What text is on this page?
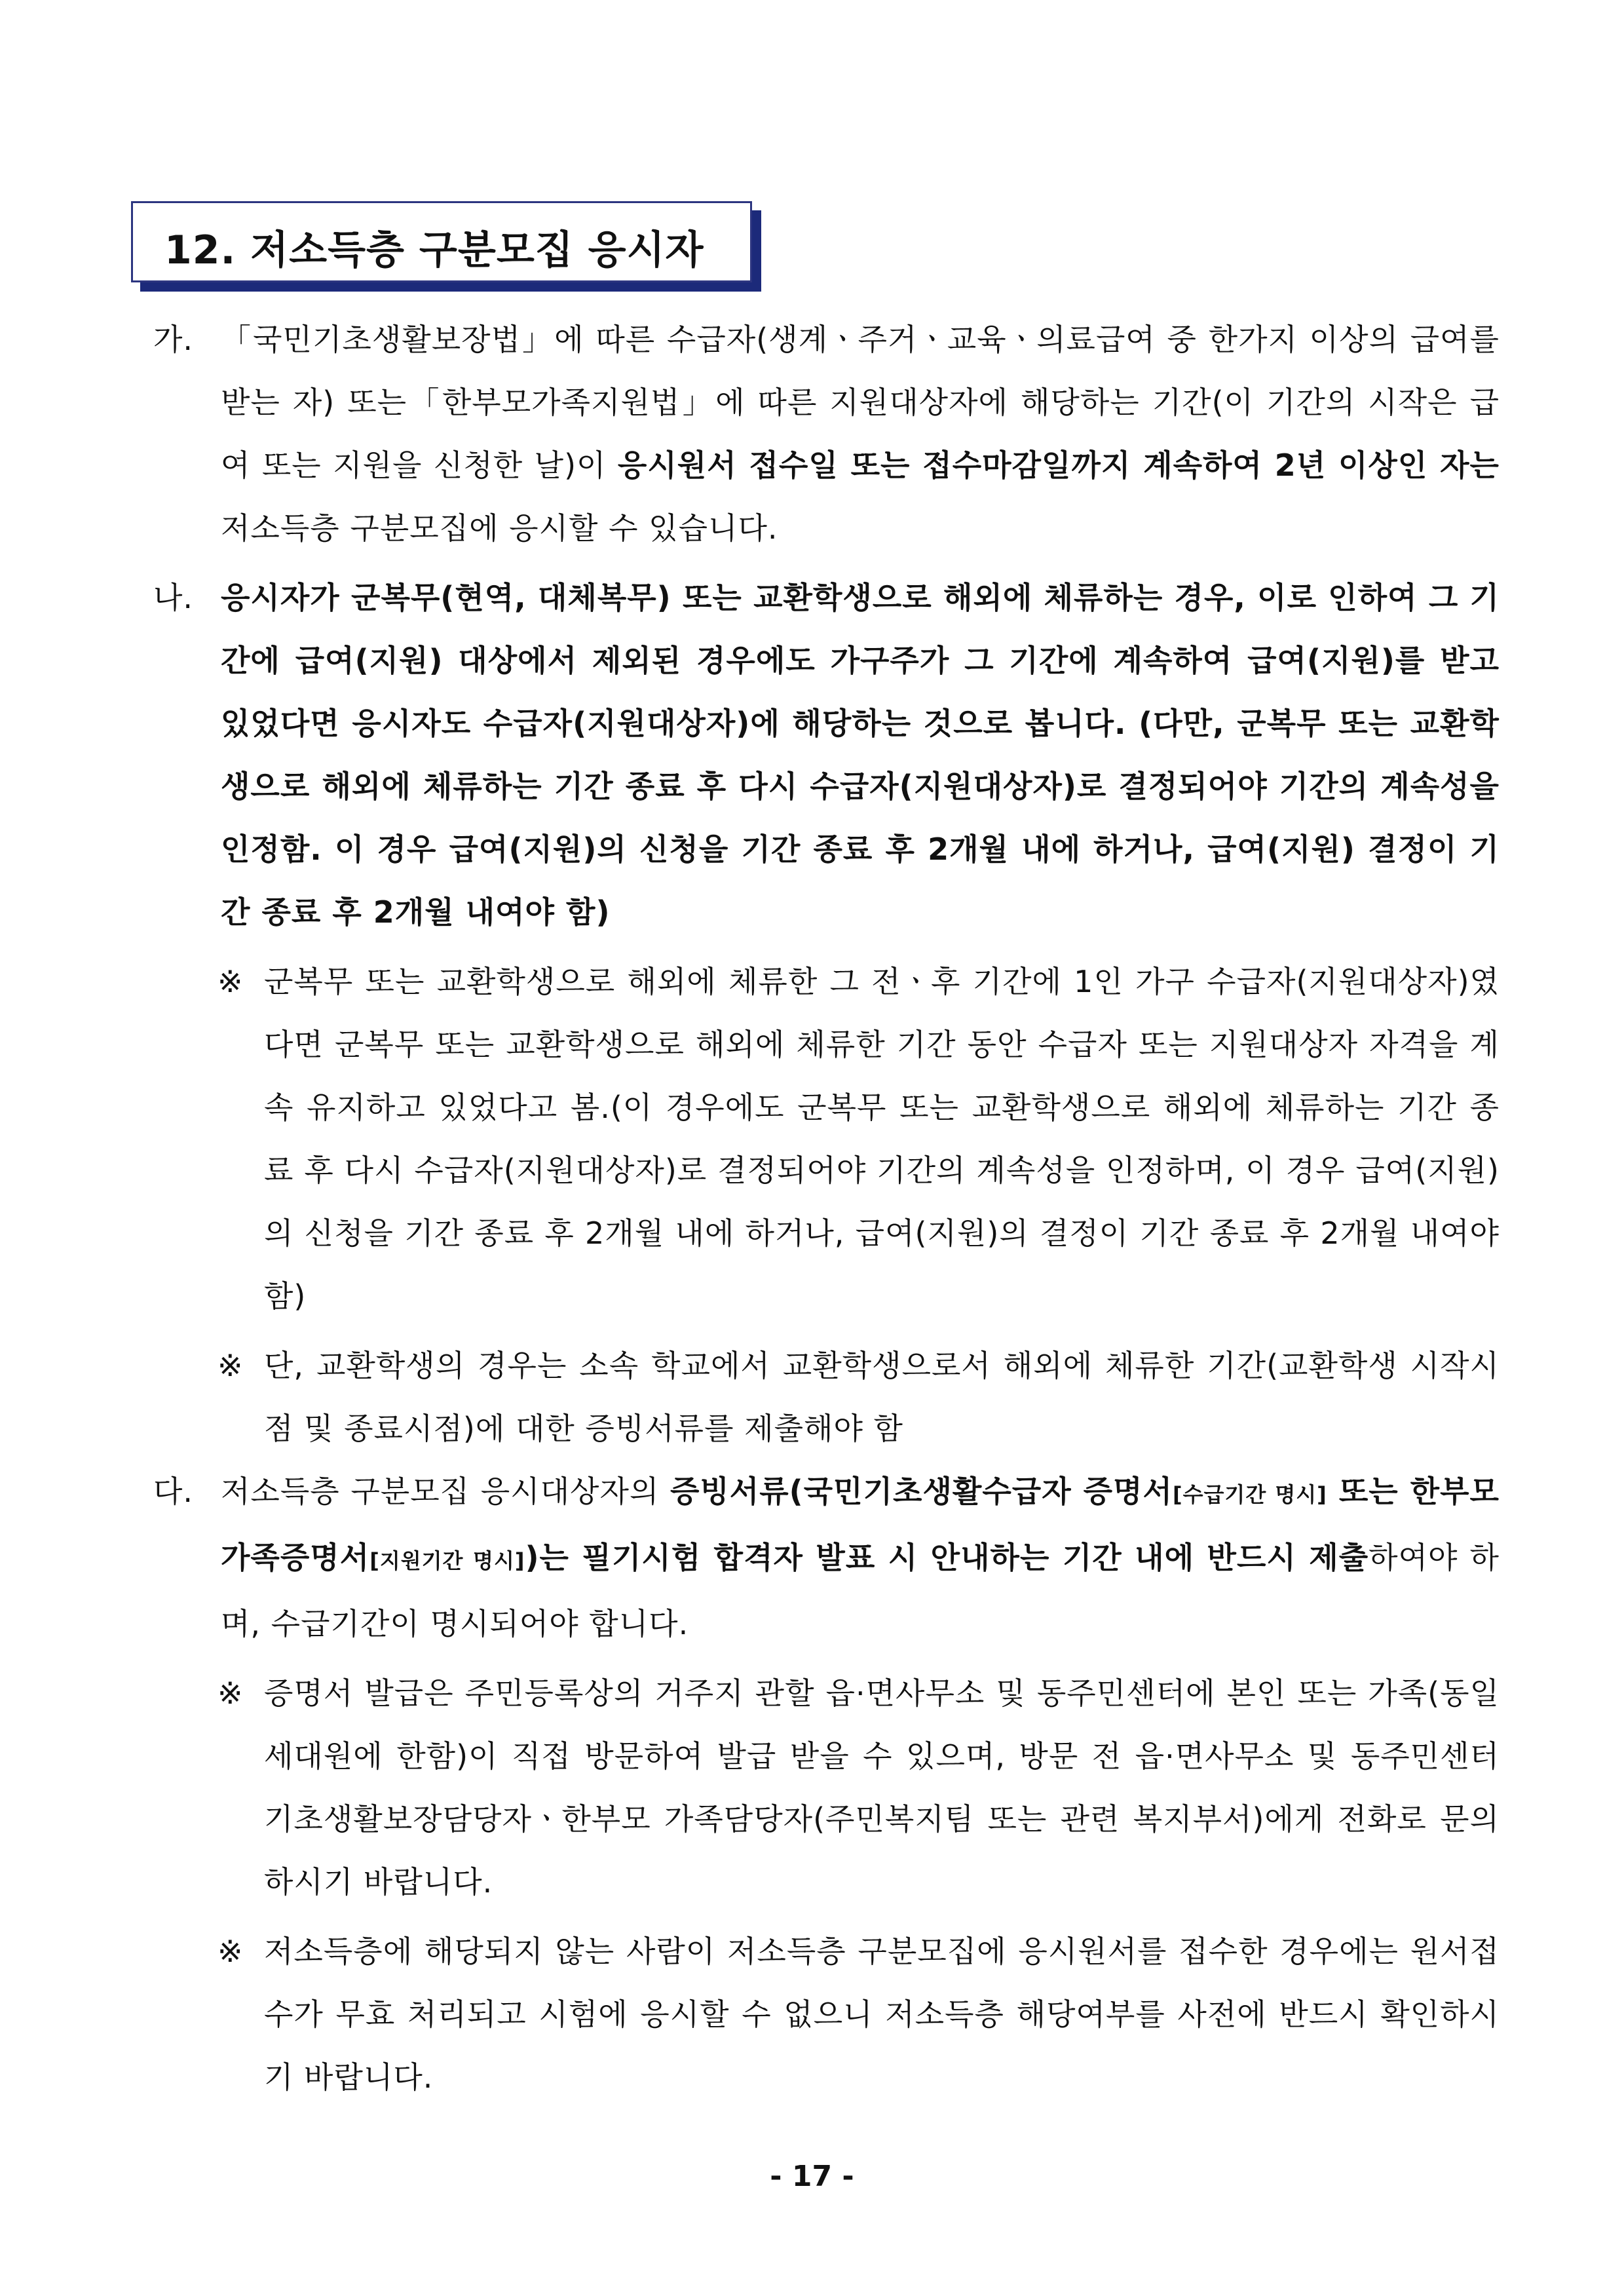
12. 저소득층 구분모집 응시자
가. 「국민기초생활보장법」에 따른 수급자(생계ㆍ주거ㆍ교육ㆍ의료급여 중 한가지 이상의 급여를 받는 자) 또는「한부모가족지원법」에 따른 지원대상자에 해당하는 기간(이 기간의 시작은 급여 또는 지원을 신청한 날)이 응시원서 접수일 또는 접수마감일까지 계속하여 2년 이상인 자는 저소득층 구분모집에 응시할 수 있습니다.
나. 응시자가 군복무(현역, 대체복무) 또는 교환학생으로 해외에 체류하는 경우, 이로 인하여 그 기간에 급여(지원) 대상에서 제외된 경우에도 가구주가 그 기간에 계속하여 급여(지원)를 받고 있었다면 응시자도 수급자(지원대상자)에 해당하는 것으로 봅니다. (다만, 군복무 또는 교환학생으로 해외에 체류하는 기간 종료 후 다시 수급자(지원대상자)로 결정되어야 기간의 계속성을 인정함. 이 경우 급여(지원)의 신청을 기간 종료 후 2개월 내에 하거나, 급여(지원) 결정이 기간 종료 후 2개월 내여야 함)
※ 군복무 또는 교환학생으로 해외에 체류한 그 전ㆍ후 기간에 1인 가구 수급자(지원대상자)였다면 군복무 또는 교환학생으로 해외에 체류한 기간 동안 수급자 또는 지원대상자 자격을 계속 유지하고 있었다고 봄.(이 경우에도 군복무 또는 교환학생으로 해외에 체류하는 기간 종료 후 다시 수급자(지원대상자)로 결정되어야 기간의 계속성을 인정하며, 이 경우 급여(지원)의 신청을 기간 종료 후 2개월 내에 하거나, 급여(지원)의 결정이 기간 종료 후 2개월 내여야 함)
※ 단, 교환학생의 경우는 소속 학교에서 교환학생으로서 해외에 체류한 기간(교환학생 시작시점 및 종료시점)에 대한 증빙서류를 제출해야 함
다. 저소득층 구분모집 응시대상자의 증빙서류(국민기초생활수급자 증명서[수급기간 명시] 또는 한부모 가족증명서[지원기간 명시])는 필기시험 합격자 발표 시 안내하는 기간 내에 반드시 제출하여야 하며, 수급기간이 명시되어야 합니다.
※ 증명서 발급은 주민등록상의 거주지 관할 읍·면사무소 및 동주민센터에 본인 또는 가족(동일세대원에 한함)이 직접 방문하여 발급 받을 수 있으며, 방문 전 읍·면사무소 및 동주민센터 기초생활보장담당자ㆍ한부모 가족담당자(주민복지팀 또는 관련 복지부서)에게 전화로 문의하시기 바랍니다.
※ 저소득층에 해당되지 않는 사람이 저소득층 구분모집에 응시원서를 접수한 경우에는 원서접수가 무효 처리되고 시험에 응시할 수 없으니 저소득층 해당여부를 사전에 반드시 확인하시기 바랍니다.
- 17 -
